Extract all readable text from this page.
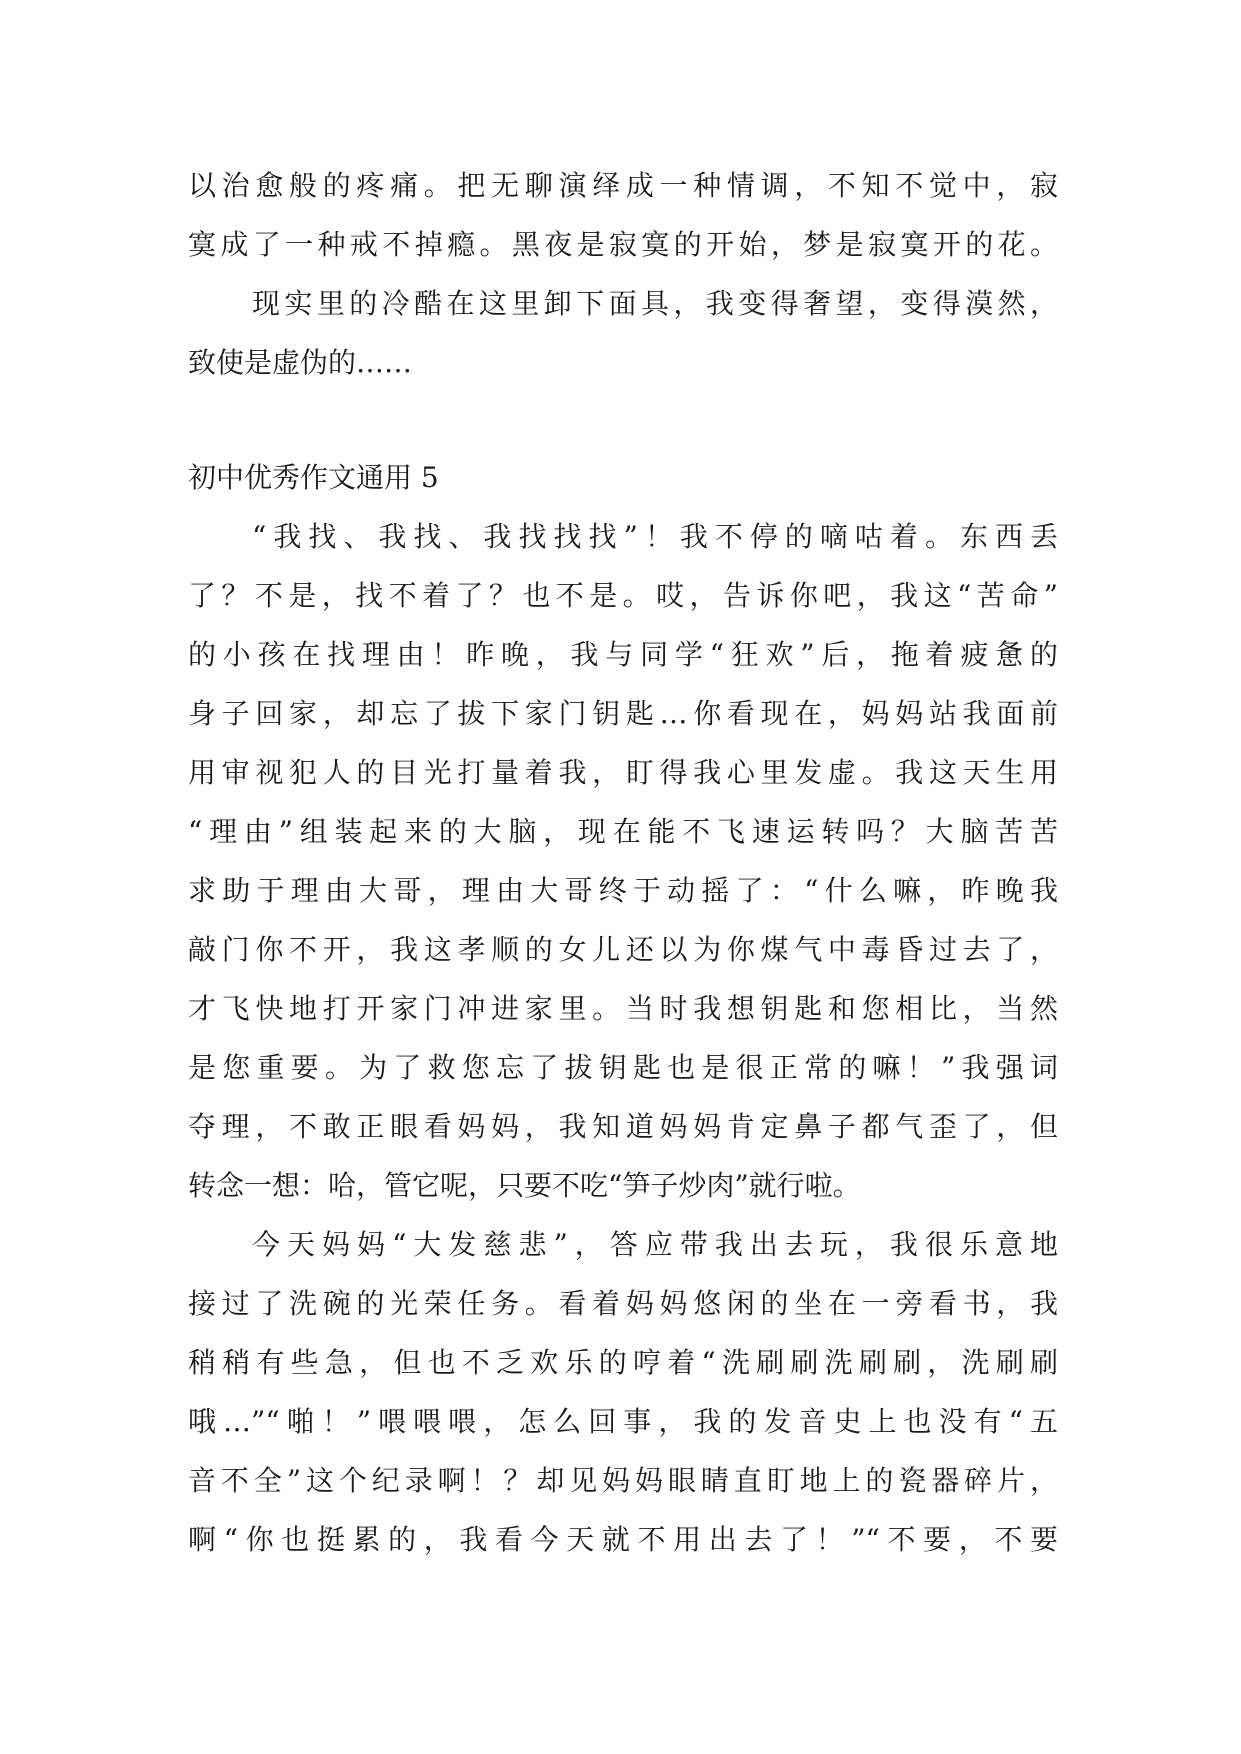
以治愈般的疼痛。把无聊演绎成一种情调，不知不觉中，寂
寞成了一种戒不掉瘾。黑夜是寂寞的开始，梦是寂寞开的花。
现实里的冷酷在这里卸下面具，我变得奢望，变得漠然，
致使是虚伪的……
初中优秀作文通用 5
“我找、我找、我找找找”！我不停的嘀咕着。东西丢
了？不是，找不着了？也不是。哎，告诉你吧，我这“苦命”
的小孩在找理由！昨晚，我与同学“狂欢”后，拖着疲惫的
身子回家，却忘了拔下家门钥匙…你看现在，妈妈站我面前
用审视犯人的目光打量着我，盯得我心里发虚。我这天生用
“理由”组装起来的大脑，现在能不飞速运转吗？大脑苦苦
求助于理由大哥，理由大哥终于动摇了：“什么嘛，昨晚我
敲门你不开，我这孝顺的女儿还以为你煤气中毒昏过去了，
才飞快地打开家门冲进家里。当时我想钥匙和您相比，当然
是您重要。为了救您忘了拔钥匙也是很正常的嘛！”我强词
夺理，不敢正眼看妈妈，我知道妈妈肯定鼻子都气歪了，但
转念一想：哈，管它呢，只要不吃“笋子炒肉”就行啦。
今天妈妈“大发慈悲”，答应带我出去玩，我很乐意地
接过了洗碗的光荣任务。看着妈妈悠闲的坐在一旁看书，我
稍稍有些急，但也不乏欢乐的哼着“洗刷刷洗刷刷，洗刷刷
哦…”“啪！”喂喂喂，怎么回事，我的发音史上也没有“五
音不全”这个纪录啊！？却见妈妈眼睛直盯地上的瓷器碎片，
啊“你也挺累的，我看今天就不用出去了！”“不要，不要
